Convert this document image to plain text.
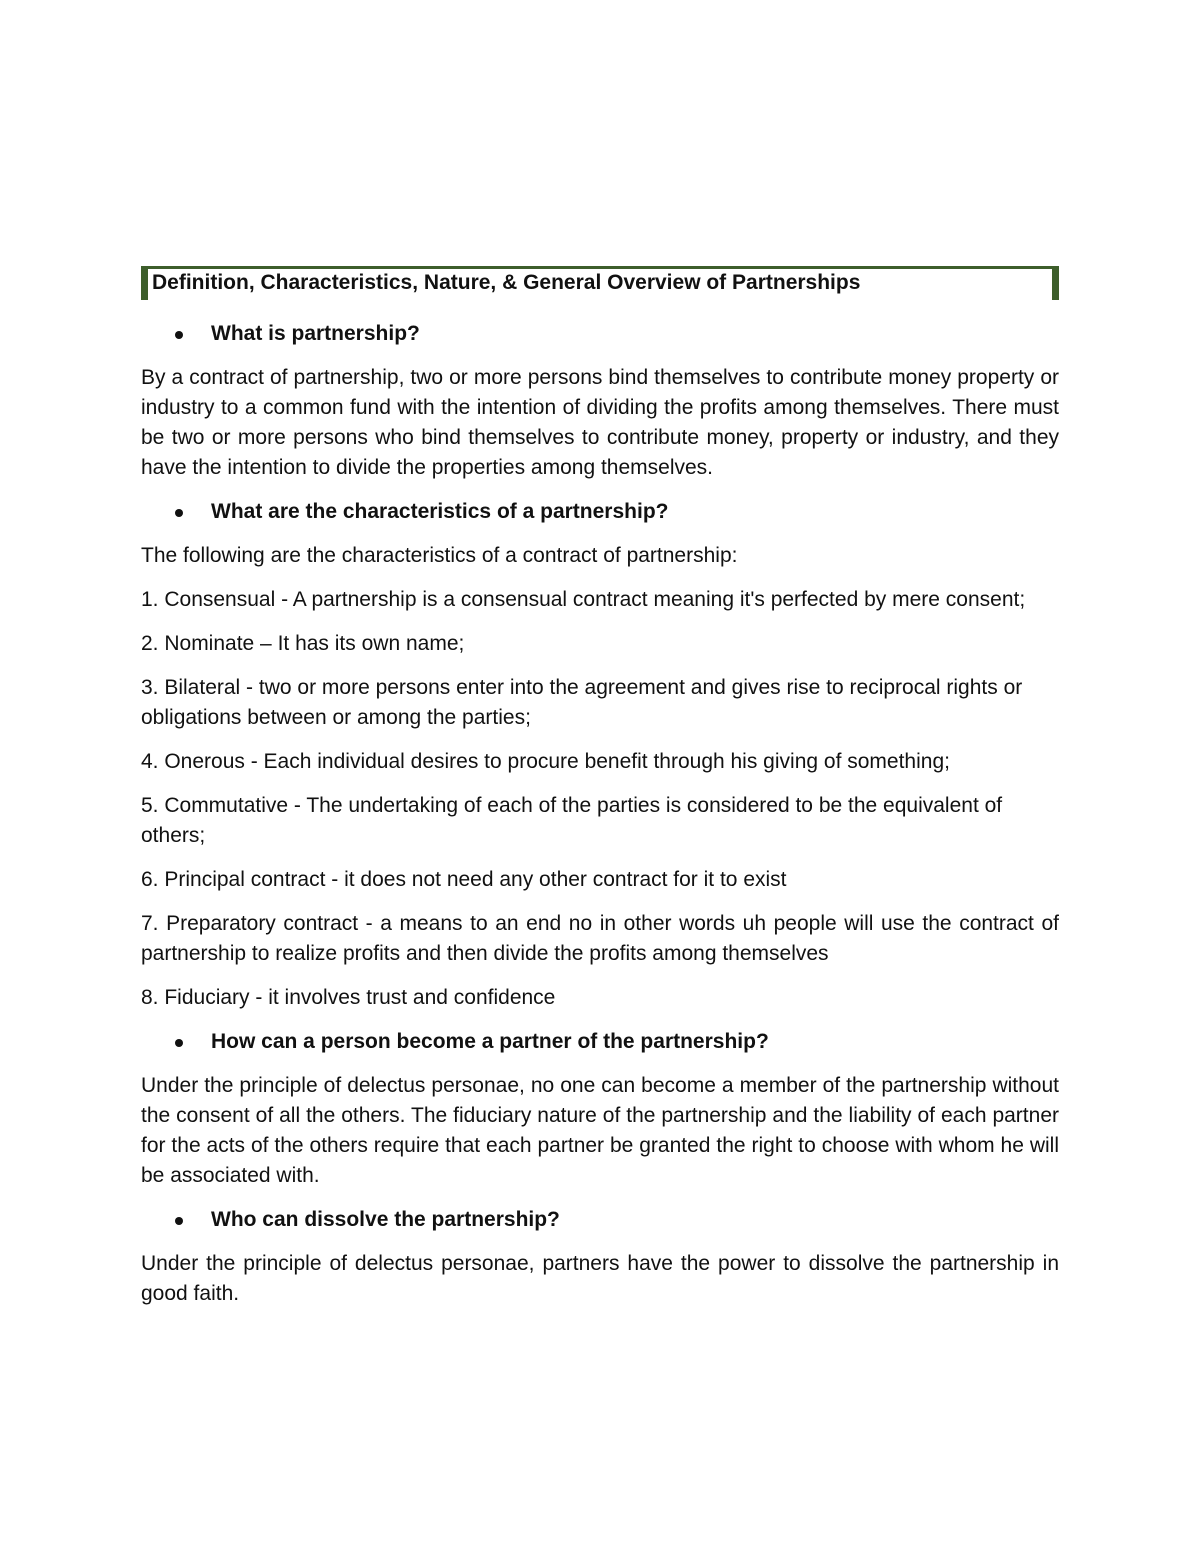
Definition, Characteristics, Nature, & General Overview of Partnerships
What is partnership?

By a contract of partnership, two or more persons bind themselves to contribute money property or industry to a common fund with the intention of dividing the profits among themselves. There must be two or more persons who bind themselves to contribute money, property or industry, and they have the intention to divide the properties among themselves.

What are the characteristics of a partnership?

The following are the characteristics of a contract of partnership:

1. Consensual - A partnership is a consensual contract meaning it's perfected by mere consent;

2. Nominate – It has its own name;

3. Bilateral - two or more persons enter into the agreement and gives rise to reciprocal rights or obligations between or among the parties;

4. Onerous - Each individual desires to procure benefit through his giving of something;

5. Commutative - The undertaking of each of the parties is considered to be the equivalent of others;

6. Principal contract - it does not need any other contract for it to exist

7. Preparatory contract - a means to an end no in other words uh people will use the contract of partnership to realize profits and then divide the profits among themselves

8. Fiduciary - it involves trust and confidence

How can a person become a partner of the partnership?

Under the principle of delectus personae, no one can become a member of the partnership without the consent of all the others. The fiduciary nature of the partnership and the liability of each partner for the acts of the others require that each partner be granted the right to choose with whom he will be associated with.

Who can dissolve the partnership?

Under the principle of delectus personae, partners have the power to dissolve the partnership in good faith.
